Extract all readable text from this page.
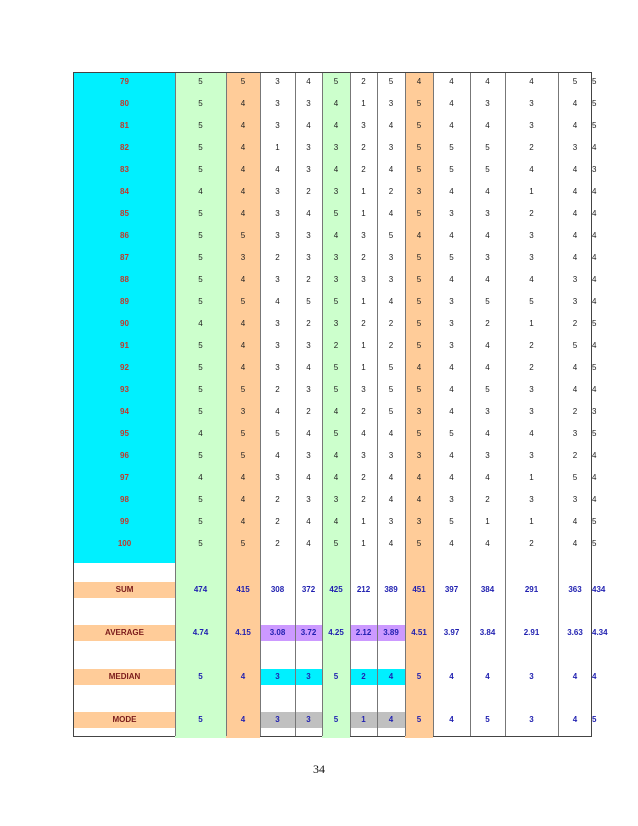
79	5	5	3	4	5	2	5	4	4	4	4	5	5
80	5	4	3	3	4	1	3	5	4	3	3	4	5
81	5	4	3	4	4	3	4	5	4	4	3	4	5
82	5	4	1	3	3	2	3	5	5	5	2	3	4
83	5	4	4	3	4	2	4	5	5	5	4	4	3
84	4	4	3	2	3	1	2	3	4	4	1	4	4
85	5	4	3	4	5	1	4	5	3	3	2	4	4
86	5	5	3	3	4	3	5	4	4	4	3	4	4
87	5	3	2	3	3	2	3	5	5	3	3	4	4
88	5	4	3	2	3	3	3	5	4	4	4	3	4
89	5	5	4	5	5	1	4	5	3	5	5	3	4
90	4	4	3	2	3	2	2	5	3	2	1	2	5
91	5	4	3	3	2	1	2	5	3	4	2	5	4
92	5	4	3	4	5	1	5	4	4	4	2	4	5
93	5	5	2	3	5	3	5	5	4	5	3	4	4
94	5	3	4	2	4	2	5	3	4	3	3	2	3
95	4	5	5	4	5	4	4	5	5	4	4	3	5
96	5	5	4	3	4	3	3	3	4	3	3	2	4
97	4	4	3	4	4	2	4	4	4	4	1	5	4
98	5	4	2	3	3	2	4	4	3	2	3	3	4
99	5	4	2	4	4	1	3	3	5	1	1	4	5
100	5	5	2	4	5	1	4	5	4	4	2	4	5
SUM	474	415	308	372	425	212	389	451	397	384	291	363	434
AVERAGE	4.74	4.15	3.08	3.72	4.25	2.12	3.89	4.51	3.97	3.84	2.91	3.63	4.34
MEDIAN	5	4	3	3	5	2	4	5	4	4	3	4	4
MODE	5	4	3	3	5	1	4	5	4	5	3	4	5
34
